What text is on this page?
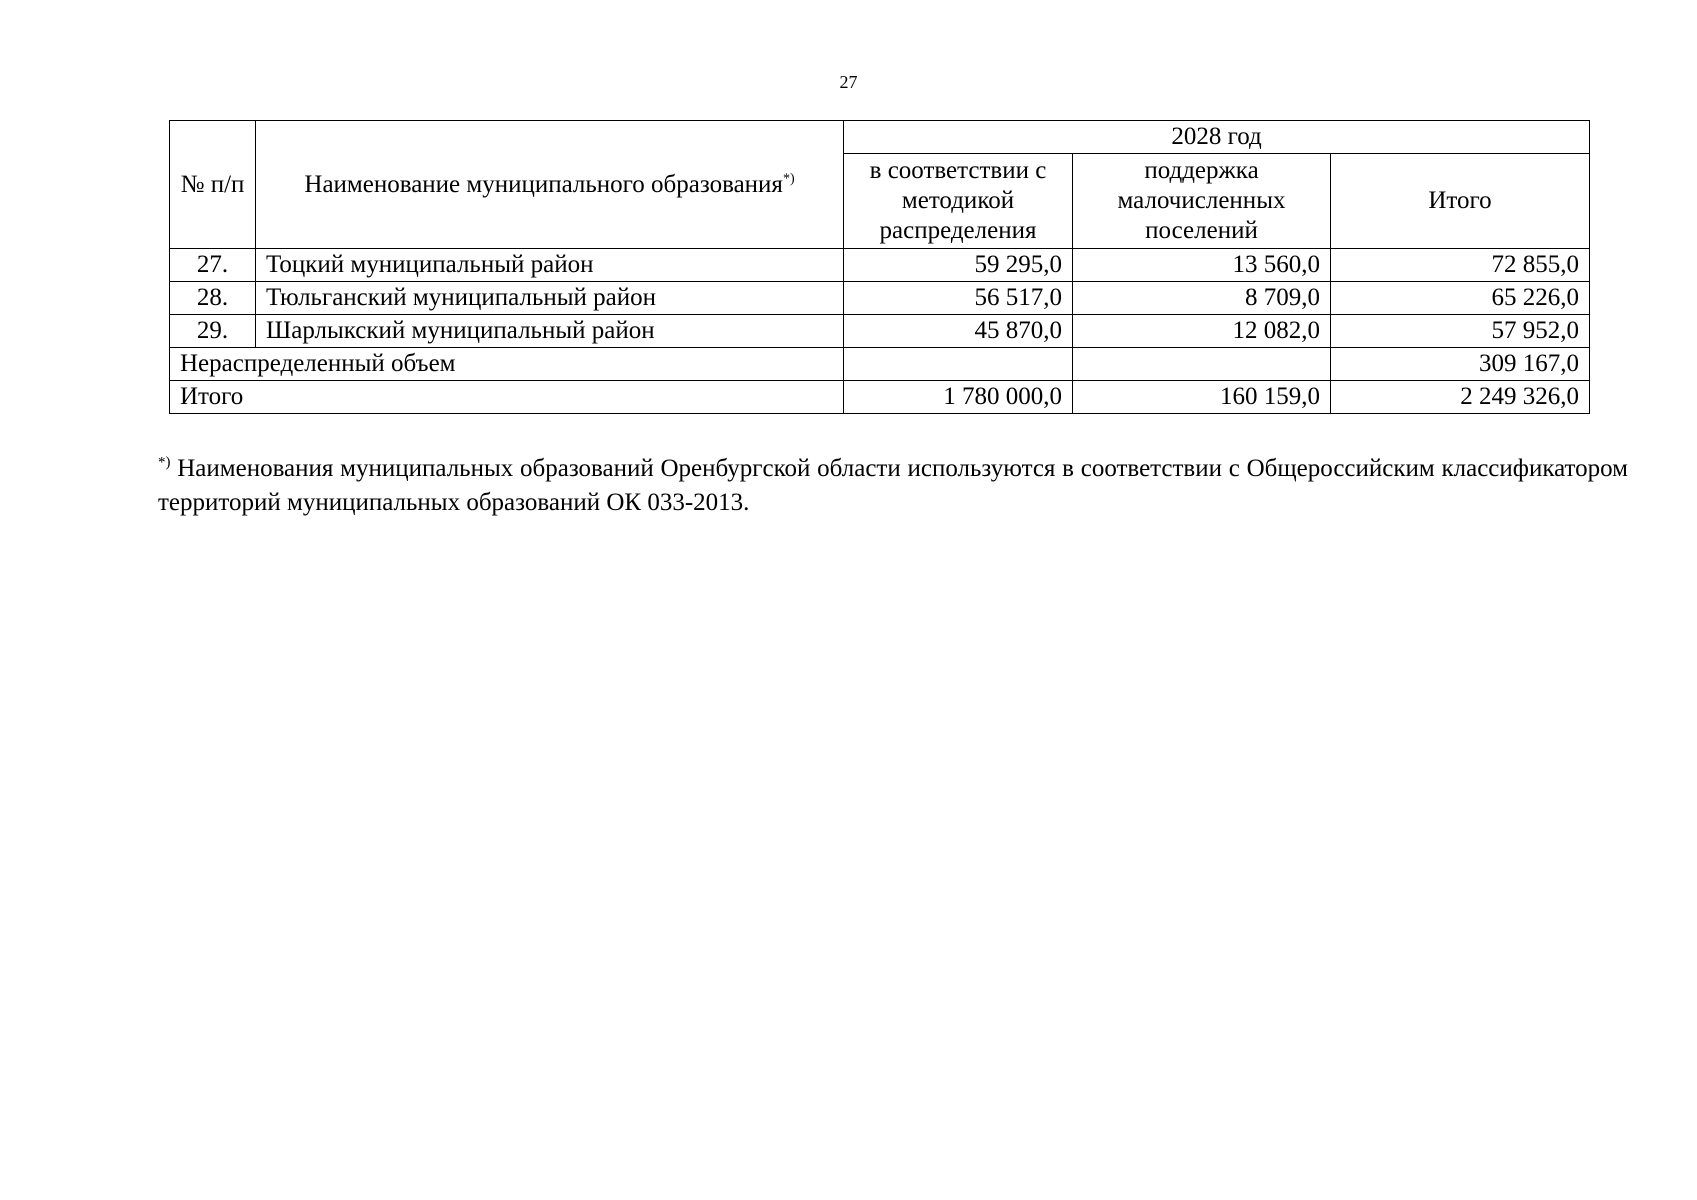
27
№ п/п	Наименование муниципального образования*)	2028 год		
		в соответствии с методикой распределения	поддержка малочисленных поселений	Итого
27.	Тоцкий муниципальный район	59 295,0	13 560,0	72 855,0
28.	Тюльганский муниципальный район	56 517,0	8 709,0	65 226,0
29.	Шарлыкский муниципальный район	45 870,0	12 082,0	57 952,0
Нераспределенный объем				309 167,0
Итого		1 780 000,0	160 159,0	2 249 326,0
*) Наименования муниципальных образований Оренбургской области используются в соответствии с Общероссийским классификатором территорий муниципальных образований ОК 033-2013.
